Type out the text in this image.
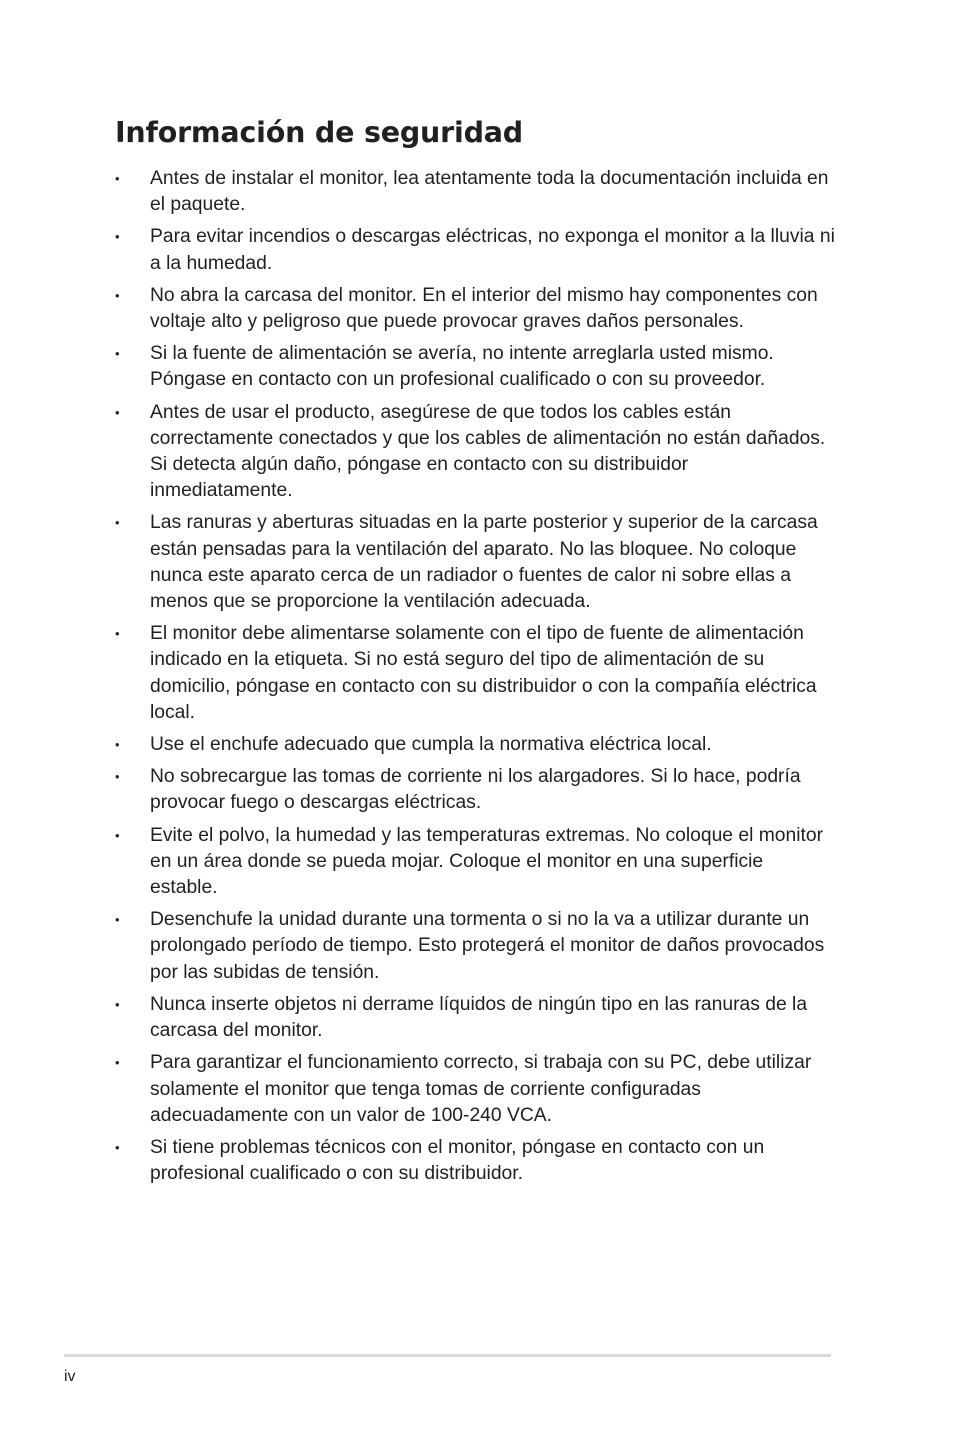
Información de seguridad
• Antes de instalar el monitor, lea atentamente toda la documentación incluida en el paquete.
• Para evitar incendios o descargas eléctricas, no exponga el monitor a la lluvia ni a la humedad.
• No abra la carcasa del monitor. En el interior del mismo hay componentes con voltaje alto y peligroso que puede provocar graves daños personales.
• Si la fuente de alimentación se avería, no intente arreglarla usted mismo. Póngase en contacto con un profesional cualificado o con su proveedor.
• Antes de usar el producto, asegúrese de que todos los cables están correctamente conectados y que los cables de alimentación no están dañados. Si detecta algún daño, póngase en contacto con su distribuidor inmediatamente.
• Las ranuras y aberturas situadas en la parte posterior y superior de la carcasa están pensadas para la ventilación del aparato. No las bloquee. No coloque nunca este aparato cerca de un radiador o fuentes de calor ni sobre ellas a menos que se proporcione la ventilación adecuada.
• El monitor debe alimentarse solamente con el tipo de fuente de alimentación indicado en la etiqueta. Si no está seguro del tipo de alimentación de su domicilio, póngase en contacto con su distribuidor o con la compañía eléctrica local.
• Use el enchufe adecuado que cumpla la normativa eléctrica local.
• No sobrecargue las tomas de corriente ni los alargadores. Si lo hace, podría provocar fuego o descargas eléctricas.
• Evite el polvo, la humedad y las temperaturas extremas. No coloque el monitor en un área donde se pueda mojar. Coloque el monitor en una superficie estable.
• Desenchufe la unidad durante una tormenta o si no la va a utilizar durante un prolongado período de tiempo. Esto protegerá el monitor de daños provocados por las subidas de tensión.
• Nunca inserte objetos ni derrame líquidos de ningún tipo en las ranuras de la carcasa del monitor.
• Para garantizar el funcionamiento correcto, si trabaja con su PC, debe utilizar solamente el monitor que tenga tomas de corriente configuradas adecuadamente con un valor de 100-240 VCA.
• Si tiene problemas técnicos con el monitor, póngase en contacto con un profesional cualificado o con su distribuidor.
iv
